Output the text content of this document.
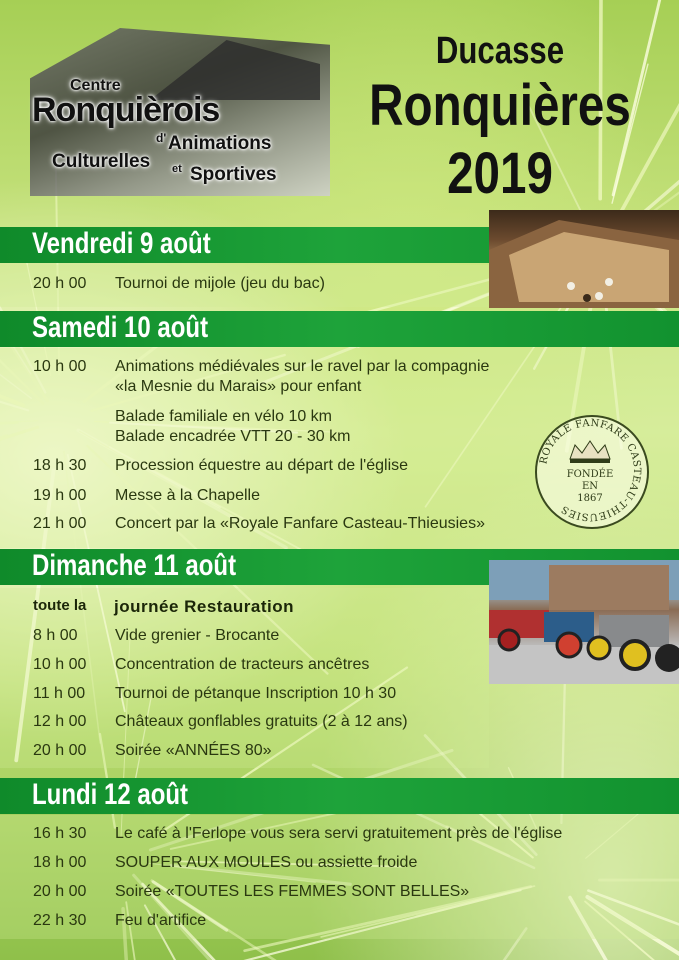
Centre
Ronquièrois
d' Animations
Culturelles et Sportives
Ducasse
Ronquières
2019
Vendredi 9 août
20 h 00 Tournoi de mijole (jeu du bac)
Samedi 10 août
10 h 00 Animations médiévales sur le ravel par la compagnie
«la Mesnie du Marais» pour enfant
Balade familiale en vélo 10 km
Balade encadrée VTT 20 - 30 km
18 h 30 Procession équestre au départ de l'église
19 h 00 Messe à la Chapelle
21 h 00 Concert par la «Royale Fanfare Casteau-Thieusies»
ROYALE FANFARE CASTEAU-THIEUSIES
FONDÉE
EN
1867
Dimanche 11 août
toute la journée Restauration
8 h 00 Vide grenier - Brocante
10 h 00 Concentration de tracteurs ancêtres
11 h 00 Tournoi de pétanque Inscription 10 h 30
12 h 00 Châteaux gonflables gratuits (2 à 12 ans)
20 h 00 Soirée «ANNÉES 80»
Lundi 12 août
16 h 30 Le café à l'Ferlope vous sera servi gratuitement près de l'église
18 h 00 SOUPER AUX MOULES ou assiette froide
20 h 00 Soirée «TOUTES LES FEMMES SONT BELLES»
22 h 30 Feu d'artifice
